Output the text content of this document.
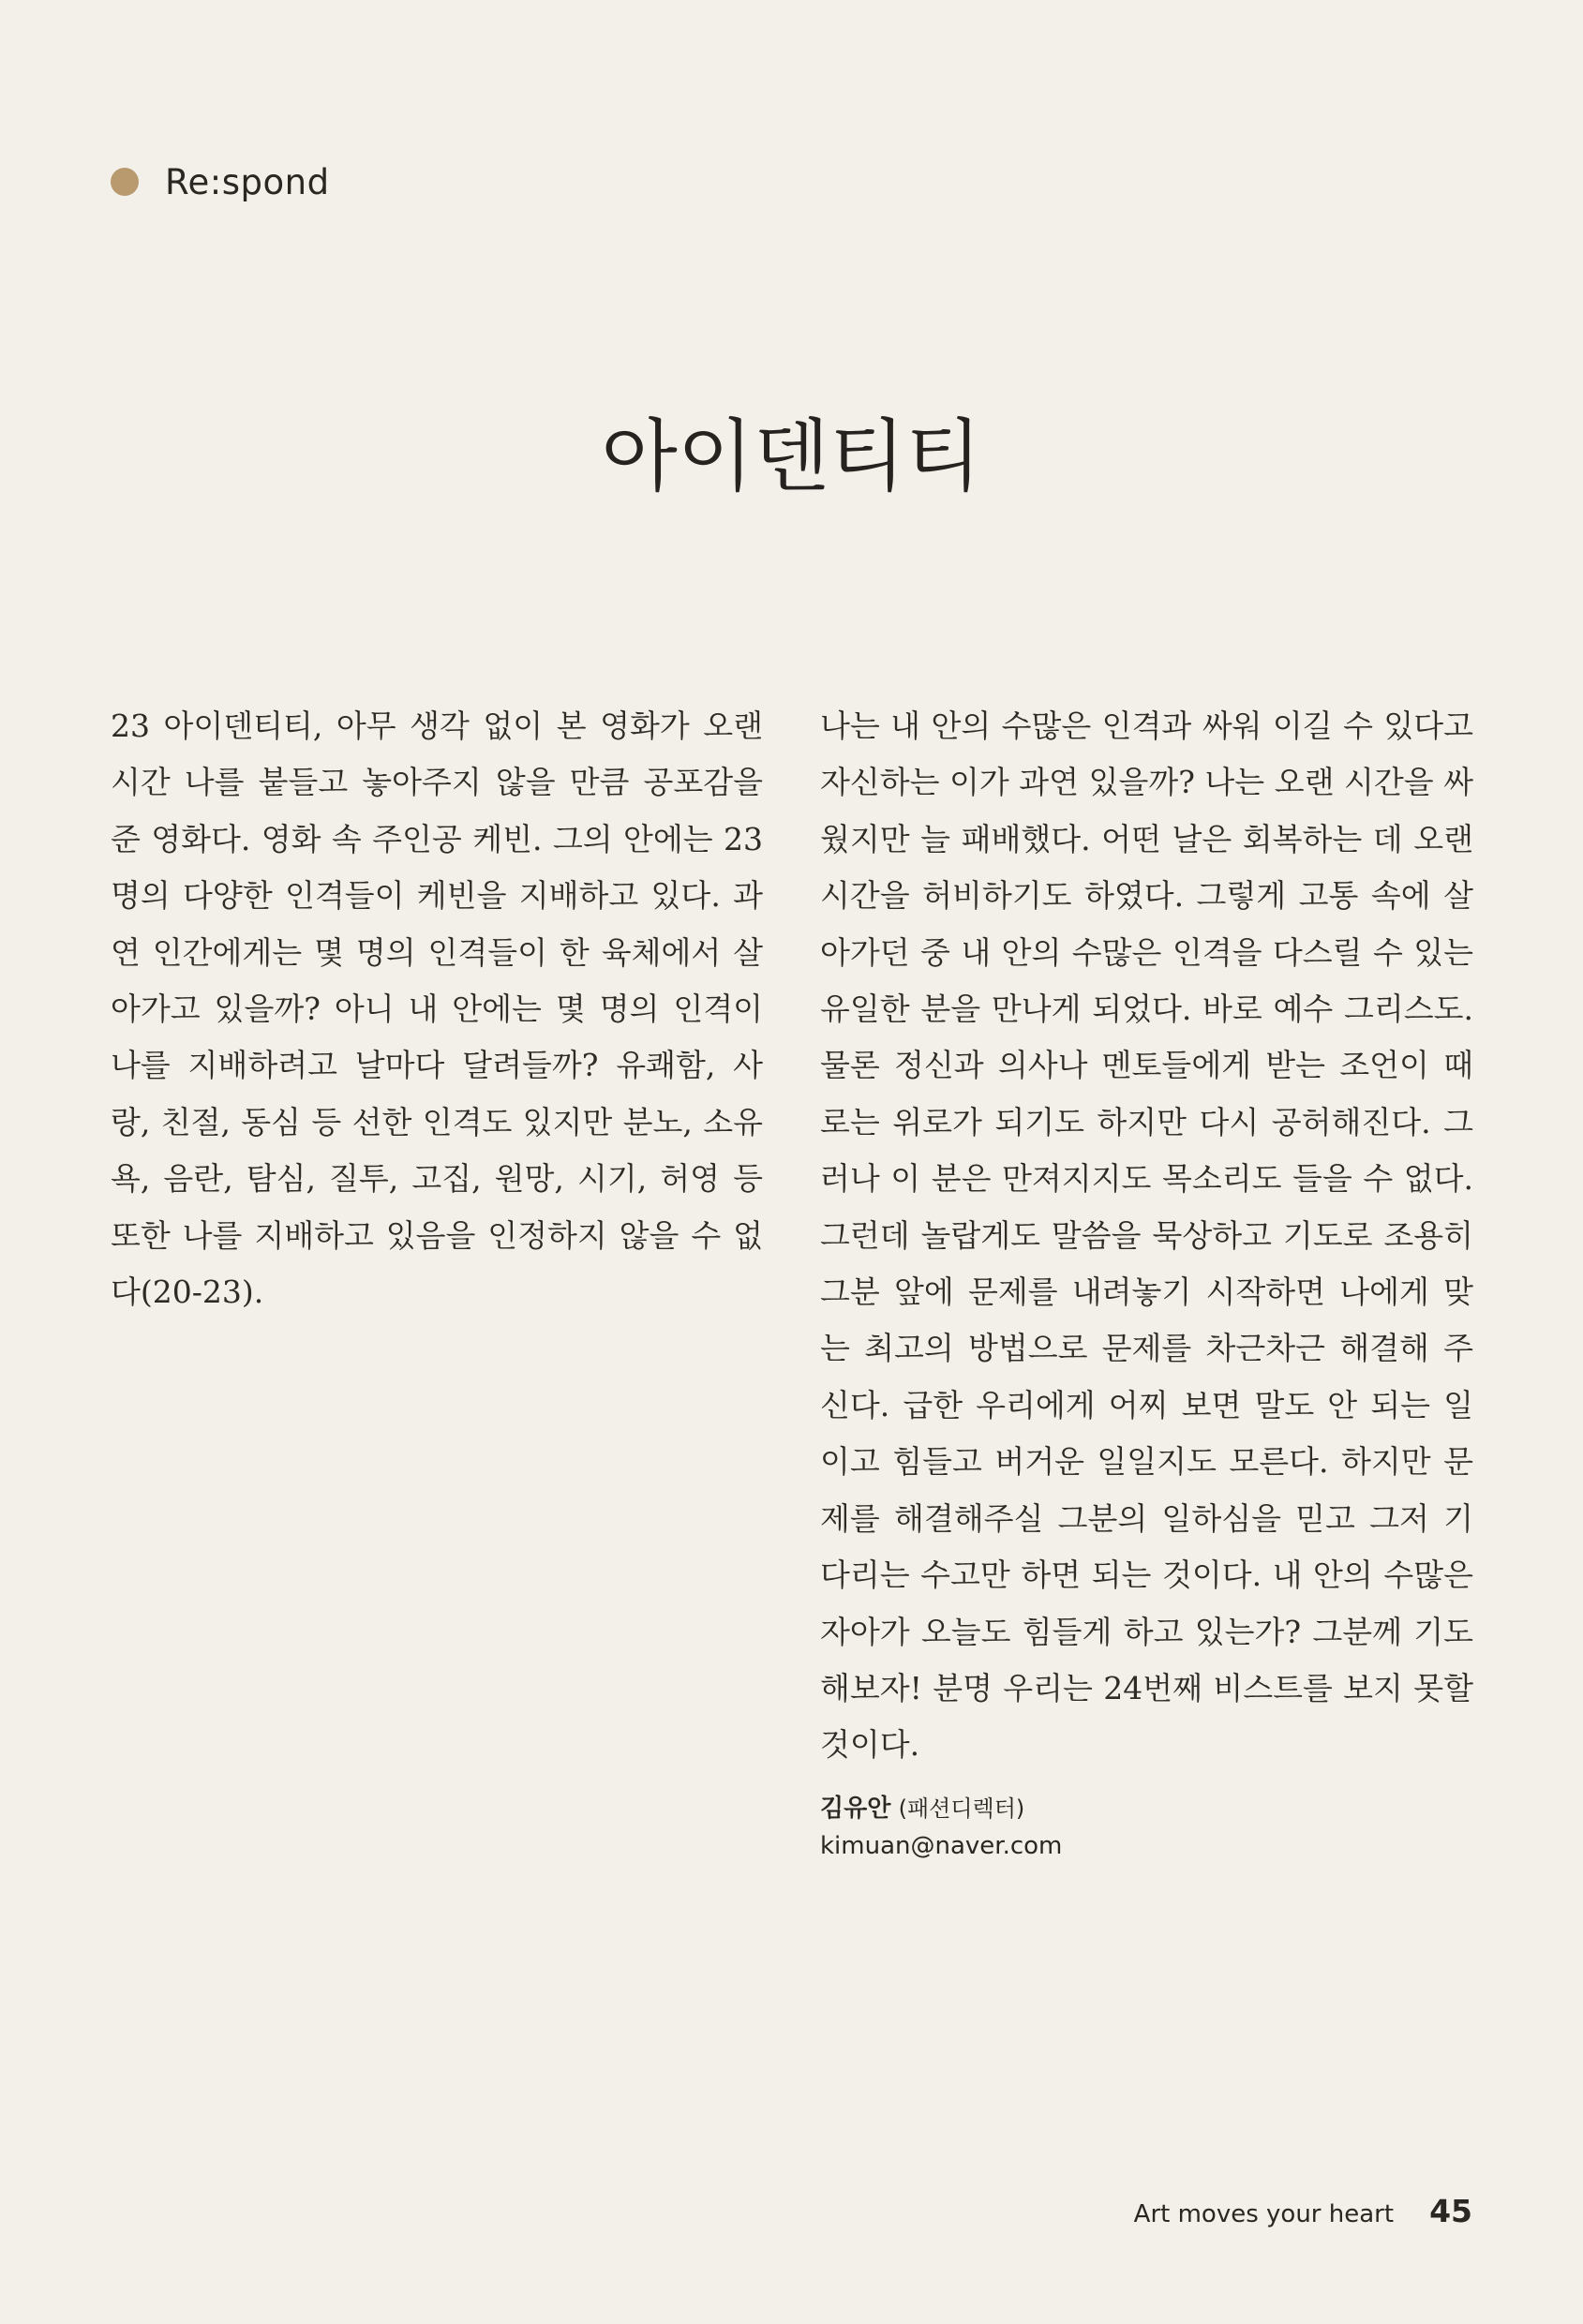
Re:spond
아이덴티티

23 아이덴티티, 아무 생각 없이 본 영화가 오랜 시간 나를 붙들고 놓아주지 않을 만큼 공포감을 준 영화다. 영화 속 주인공 케빈. 그의 안에는 23명의 다양한 인격들이 케빈을 지배하고 있다. 과연 인간에게는 몇 명의 인격들이 한 육체에서 살아가고 있을까? 아니 내 안에는 몇 명의 인격이 나를 지배하려고 날마다 달려들까? 유쾌함, 사랑, 친절, 동심 등 선한 인격도 있지만 분노, 소유욕, 음란, 탐심, 질투, 고집, 원망, 시기, 허영 등 또한 나를 지배하고 있음을 인정하지 않을 수 없다(20-23).

나는 내 안의 수많은 인격과 싸워 이길 수 있다고 자신하는 이가 과연 있을까? 나는 오랜 시간을 싸웠지만 늘 패배했다. 어떤 날은 회복하는 데 오랜 시간을 허비하기도 하였다. 그렇게 고통 속에 살아가던 중 내 안의 수많은 인격을 다스릴 수 있는 유일한 분을 만나게 되었다. 바로 예수 그리스도. 물론 정신과 의사나 멘토들에게 받는 조언이 때로는 위로가 되기도 하지만 다시 공허해진다. 그러나 이 분은 만져지지도 목소리도 들을 수 없다. 그런데 놀랍게도 말씀을 묵상하고 기도로 조용히 그분 앞에 문제를 내려놓기 시작하면 나에게 맞는 최고의 방법으로 문제를 차근차근 해결해 주신다. 급한 우리에게 어찌 보면 말도 안 되는 일이고 힘들고 버거운 일일지도 모른다. 하지만 문제를 해결해주실 그분의 일하심을 믿고 그저 기다리는 수고만 하면 되는 것이다. 내 안의 수많은 자아가 오늘도 힘들게 하고 있는가? 그분께 기도해보자! 분명 우리는 24번째 비스트를 보지 못할 것이다.

김유안 (패션디렉터)
kimuan@naver.com
Art moves your heart 45
